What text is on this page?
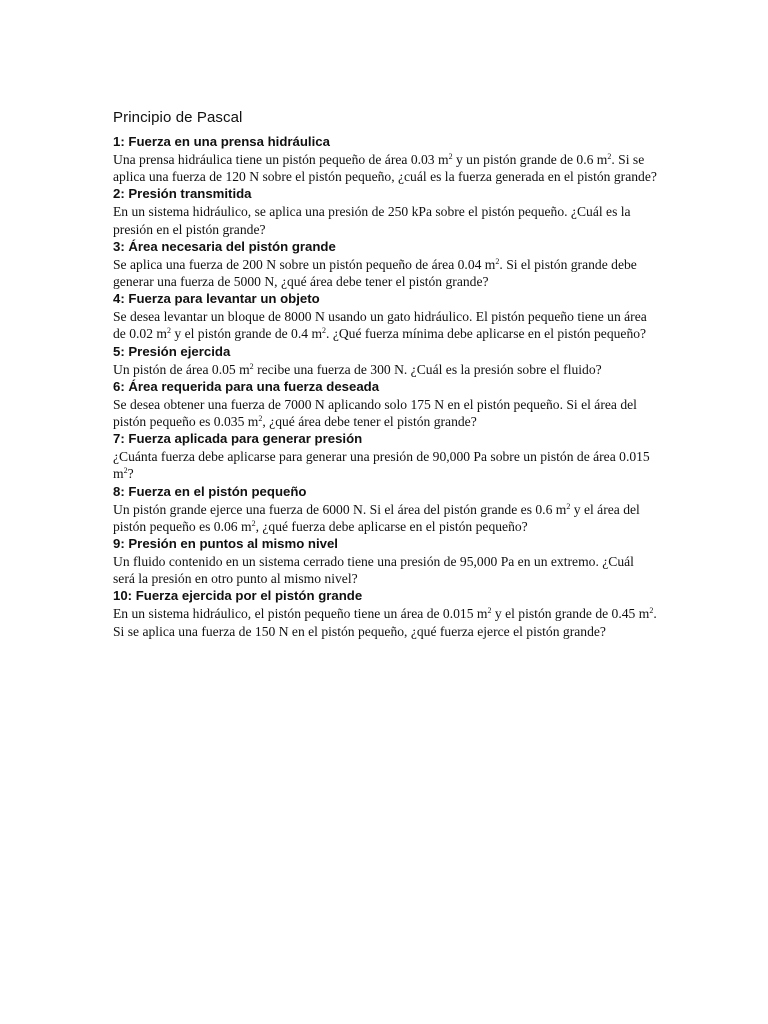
Principio de Pascal
1: Fuerza en una prensa hidráulica

Una prensa hidráulica tiene un pistón pequeño de área 0.03 $m^2$ y un pistón grande de 0.6 $m^2$. Si se aplica una fuerza de 120 N sobre el pistón pequeño, ¿cuál es la fuerza generada en el pistón grande?

2: Presión transmitida

En un sistema hidráulico, se aplica una presión de 250 kPa sobre el pistón pequeño. ¿Cuál es la presión en el pistón grande?

3: Área necesaria del pistón grande

Se aplica una fuerza de 200 N sobre un pistón pequeño de área 0.04 $m^2$. Si el pistón grande debe generar una fuerza de 5000 N, ¿qué área debe tener el pistón grande?

4: Fuerza para levantar un objeto

Se desea levantar un bloque de 8000 N usando un gato hidráulico. El pistón pequeño tiene un área de 0.02 $m^2$ y el pistón grande de 0.4 $m^2$. ¿Qué fuerza mínima debe aplicarse en el pistón pequeño?

5: Presión ejercida

Un pistón de área 0.05 $m^2$ recibe una fuerza de 300 N. ¿Cuál es la presión sobre el fluido?

6: Área requerida para una fuerza deseada

Se desea obtener una fuerza de 7000 N aplicando solo 175 N en el pistón pequeño. Si el área del pistón pequeño es 0.035 $m^2$, ¿qué área debe tener el pistón grande?

7: Fuerza aplicada para generar presión

¿Cuánta fuerza debe aplicarse para generar una presión de 90,000 Pa sobre un pistón de área 0.015 $m^2$?

8: Fuerza en el pistón pequeño

Un pistón grande ejerce una fuerza de 6000 N. Si el área del pistón grande es 0.6 $m^2$ y el área del pistón pequeño es 0.06 $m^2$, ¿qué fuerza debe aplicarse en el pistón pequeño?

9: Presión en puntos al mismo nivel

Un fluido contenido en un sistema cerrado tiene una presión de 95,000 Pa en un extremo. ¿Cuál será la presión en otro punto al mismo nivel?

10: Fuerza ejercida por el pistón grande

En un sistema hidráulico, el pistón pequeño tiene un área de 0.015 $m^2$ y el pistón grande de 0.45 $m^2$. Si se aplica una fuerza de 150 N en el pistón pequeño, ¿qué fuerza ejerce el pistón grande?
